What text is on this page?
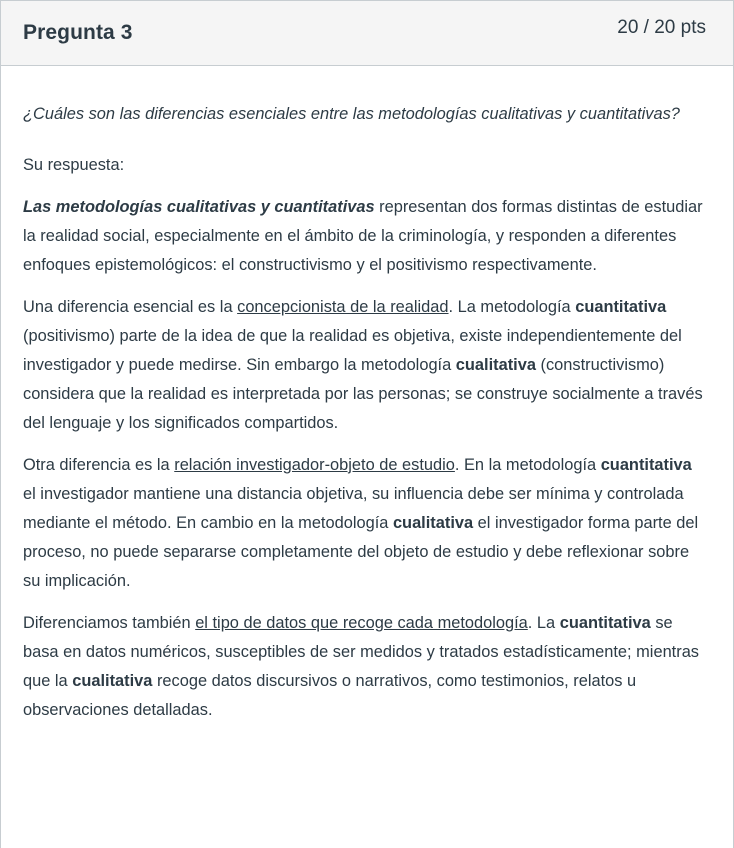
Pregunta 3	20 / 20 pts

¿Cuáles son las diferencias esenciales entre las metodologías cualitativas y cuantitativas?

Su respuesta:

Las metodologías cualitativas y cuantitativas representan dos formas distintas de estudiar la realidad social, especialmente en el ámbito de la criminología, y responden a diferentes enfoques epistemológicos: el constructivismo y el positivismo respectivamente.

Una diferencia esencial es la concepcionista de la realidad. La metodología cuantitativa (positivismo) parte de la idea de que la realidad es objetiva, existe independientemente del investigador y puede medirse. Sin embargo la metodología cualitativa (constructivismo) considera que la realidad es interpretada por las personas; se construye socialmente a través del lenguaje y los significados compartidos.

Otra diferencia es la relación investigador-objeto de estudio. En la metodología cuantitativa el investigador mantiene una distancia objetiva, su influencia debe ser mínima y controlada mediante el método. En cambio en la metodología cualitativa el investigador forma parte del proceso, no puede separarse completamente del objeto de estudio y debe reflexionar sobre su implicación.

Diferenciamos también el tipo de datos que recoge cada metodología. La cuantitativa se basa en datos numéricos, susceptibles de ser medidos y tratados estadísticamente; mientras que la cualitativa recoge datos discursivos o narrativos, como testimonios, relatos u observaciones detalladas.
